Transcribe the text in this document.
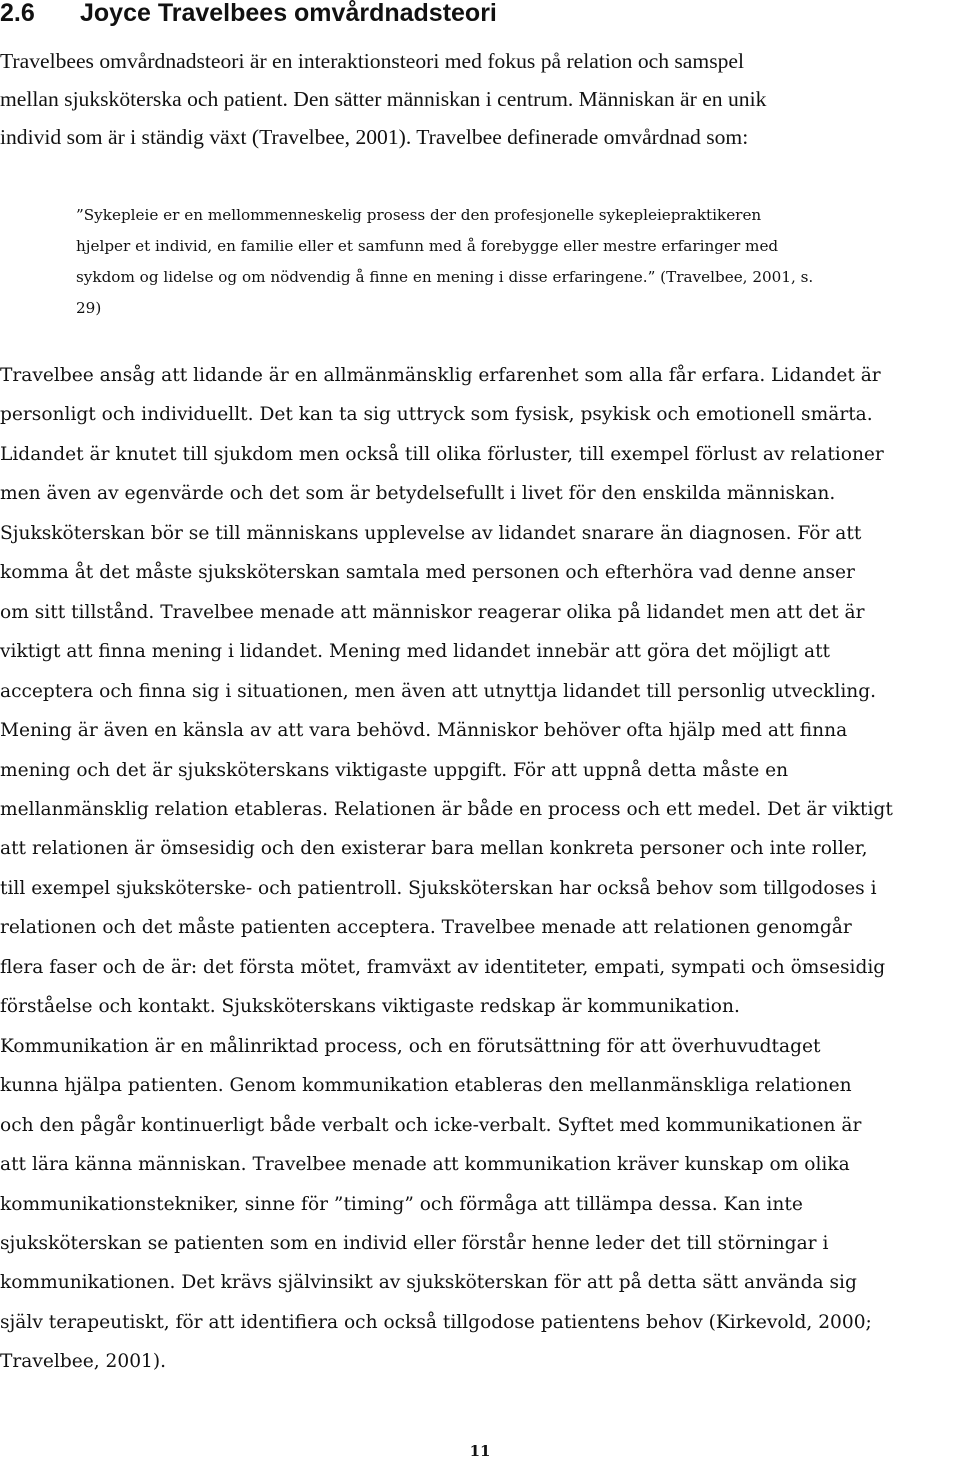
2.6 Joyce Travelbees omvårdnadsteori

Travelbees omvårdnadsteori är en interaktionsteori med fokus på relation och samspel
mellan sjuksköterska och patient. Den sätter människan i centrum. Människan är en unik
individ som är i ständig växt (Travelbee, 2001). Travelbee definerade omvårdnad som:

”Sykepleie er en mellommenneskelig prosess der den profesjonelle sykepleiepraktikeren
hjelper et individ, en familie eller et samfunn med å forebygge eller mestre erfaringer med
sykdom og lidelse og om nödvendig å finne en mening i disse erfaringene.” (Travelbee, 2001, s.
29)

Travelbee ansåg att lidande är en allmänmänsklig erfarenhet som alla får erfara. Lidandet är
personligt och individuellt. Det kan ta sig uttryck som fysisk, psykisk och emotionell smärta.
Lidandet är knutet till sjukdom men också till olika förluster, till exempel förlust av relationer
men även av egenvärde och det som är betydelsefullt i livet för den enskilda människan.
Sjuksköterskan bör se till människans upplevelse av lidandet snarare än diagnosen. För att
komma åt det måste sjuksköterskan samtala med personen och efterhöra vad denne anser
om sitt tillstånd. Travelbee menade att människor reagerar olika på lidandet men att det är
viktigt att finna mening i lidandet. Mening med lidandet innebär att göra det möjligt att
acceptera och finna sig i situationen, men även att utnyttja lidandet till personlig utveckling.
Mening är även en känsla av att vara behövd. Människor behöver ofta hjälp med att finna
mening och det är sjuksköterskans viktigaste uppgift. För att uppnå detta måste en
mellanmänsklig relation etableras. Relationen är både en process och ett medel. Det är viktigt
att relationen är ömsesidig och den existerar bara mellan konkreta personer och inte roller,
till exempel sjuksköterske- och patientroll. Sjuksköterskan har också behov som tillgodoses i
relationen och det måste patienten acceptera. Travelbee menade att relationen genomgår
flera faser och de är: det första mötet, framväxt av identiteter, empati, sympati och ömsesidig
förståelse och kontakt. Sjuksköterskans viktigaste redskap är kommunikation.
Kommunikation är en målinriktad process, och en förutsättning för att överhuvudtaget
kunna hjälpa patienten. Genom kommunikation etableras den mellanmänskliga relationen
och den pågår kontinuerligt både verbalt och icke-verbalt. Syftet med kommunikationen är
att lära känna människan. Travelbee menade att kommunikation kräver kunskap om olika
kommunikationstekniker, sinne för ”timing” och förmåga att tillämpa dessa. Kan inte
sjuksköterskan se patienten som en individ eller förstår henne leder det till störningar i
kommunikationen. Det krävs självinsikt av sjuksköterskan för att på detta sätt använda sig
själv terapeutiskt, för att identifiera och också tillgodose patientens behov (Kirkevold, 2000;
Travelbee, 2001).

11
